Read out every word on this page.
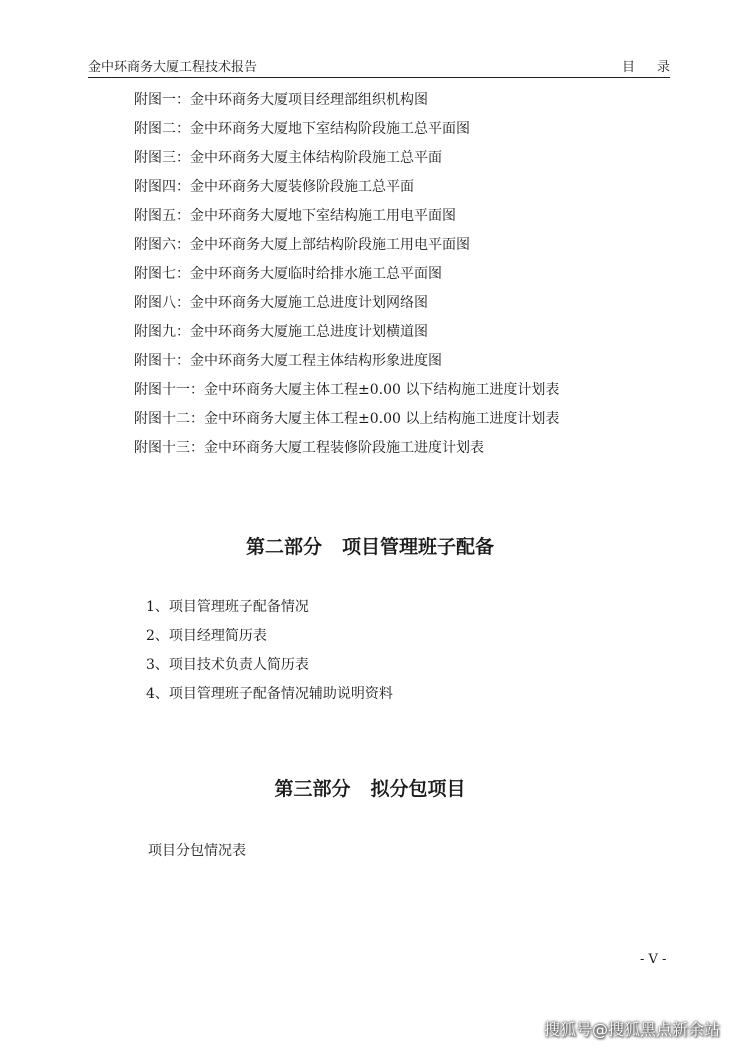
金中环商务大厦工程技术报告	目录
附图一：金中环商务大厦项目经理部组织机构图
附图二：金中环商务大厦地下室结构阶段施工总平面图
附图三：金中环商务大厦主体结构阶段施工总平面
附图四：金中环商务大厦装修阶段施工总平面
附图五：金中环商务大厦地下室结构施工用电平面图
附图六：金中环商务大厦上部结构阶段施工用电平面图
附图七：金中环商务大厦临时给排水施工总平面图
附图八：金中环商务大厦施工总进度计划网络图
附图九：金中环商务大厦施工总进度计划横道图
附图十：金中环商务大厦工程主体结构形象进度图
附图十一：金中环商务大厦主体工程±0.00 以下结构施工进度计划表
附图十二：金中环商务大厦主体工程±0.00 以上结构施工进度计划表
附图十三：金中环商务大厦工程装修阶段施工进度计划表
第二部分 项目管理班子配备
1、项目管理班子配备情况
2、项目经理简历表
3、项目技术负责人简历表
4、项目管理班子配备情况辅助说明资料
第三部分 拟分包项目
项目分包情况表
- V -
搜狐号@搜狐黑点新余站
